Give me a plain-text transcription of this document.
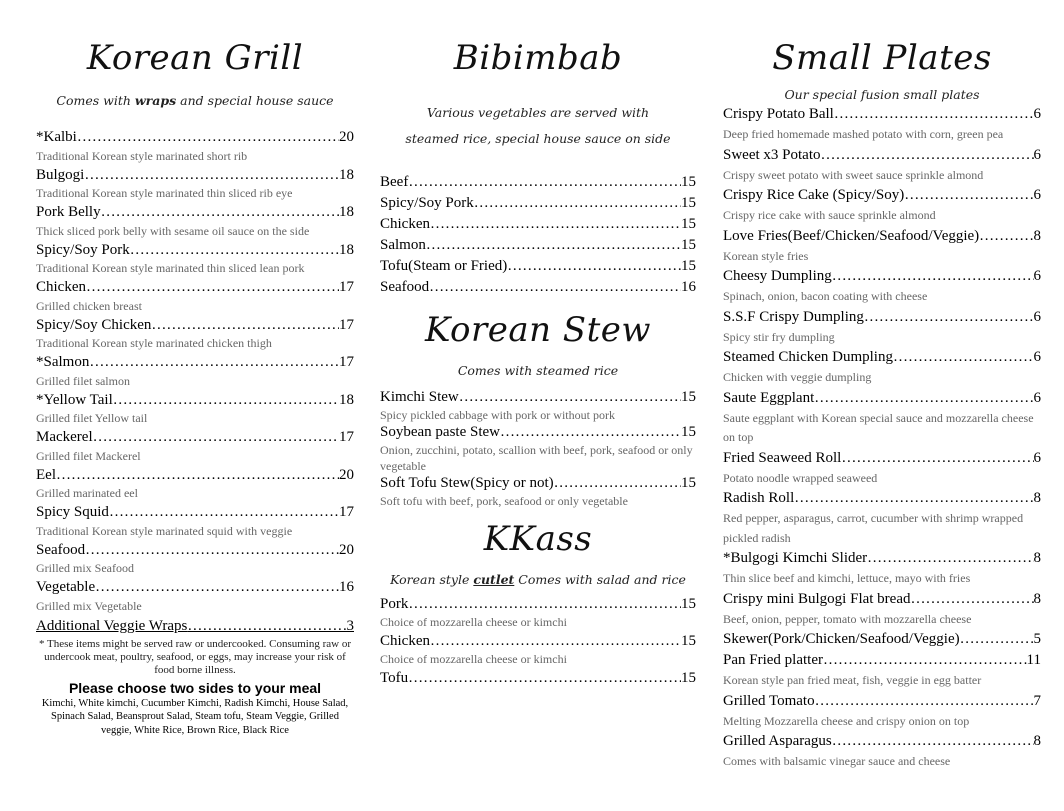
Korean Grill

Comes with wraps and special house sauce

*Kalbi …………………………………………………………………………………………………………………………………………………………	20
Traditional Korean style marinated short rib
Bulgogi …………………………………………………………………………………………………………………………………………………………	18
Traditional Korean style marinated thin sliced rib eye
Pork Belly …………………………………………………………………………………………………………………………………………………………	18
Thick sliced pork belly with sesame oil sauce on the side
Spicy/Soy Pork …………………………………………………………………………………………………………………………………………………………	18
Traditional Korean style marinated thin sliced lean pork
Chicken …………………………………………………………………………………………………………………………………………………………	17
Grilled chicken breast
Spicy/Soy Chicken …………………………………………………………………………………………………………………………………………………………	17
Traditional Korean style marinated chicken thigh
*Salmon …………………………………………………………………………………………………………………………………………………………	17
Grilled filet salmon
*Yellow Tail …………………………………………………………………………………………………………………………………………………………	18
Grilled filet Yellow tail
Mackerel …………………………………………………………………………………………………………………………………………………………	17
Grilled filet Mackerel
Eel …………………………………………………………………………………………………………………………………………………………	20
Grilled marinated eel
Spicy Squid …………………………………………………………………………………………………………………………………………………………	17
Traditional Korean style marinated squid with veggie
Seafood …………………………………………………………………………………………………………………………………………………………	20
Grilled mix Seafood
Vegetable …………………………………………………………………………………………………………………………………………………………	16
Grilled mix Vegetable
Additional Veggie Wraps …………………………………………………………………………………………………………………………………………………………	3
* These items might be served raw or undercooked. Consuming raw or undercook meat, poultry, seafood, or eggs, may increase your risk of food borne illness.
Please choose two sides to your meal
Kimchi, White kimchi, Cucumber Kimchi, Radish Kimchi, House Salad, Spinach Salad, Beansprout Salad, Steam tofu, Steam Veggie, Grilled veggie, White Rice, Brown Rice, Black Rice
Bibimbab

Various vegetables are served with
steamed rice, special house sauce on side

Beef …………………………………………………………………………………………………………………………………………………………	15
Spicy/Soy Pork …………………………………………………………………………………………………………………………………………………………	15
Chicken …………………………………………………………………………………………………………………………………………………………	15
Salmon …………………………………………………………………………………………………………………………………………………………	15
Tofu(Steam or Fried) …………………………………………………………………………………………………………………………………………………………	15
Seafood …………………………………………………………………………………………………………………………………………………………	16
Korean Stew

Comes with steamed rice

Kimchi Stew …………………………………………………………………………………………………………………………………………………………	15
Spicy pickled cabbage with pork or without pork
Soybean paste Stew …………………………………………………………………………………………………………………………………………………………	15
Onion, zucchini, potato, scallion with beef, pork, seafood or only vegetable
Soft Tofu Stew(Spicy or not) …………………………………………………………………………………………………………………………………………………………	15
Soft tofu with beef, pork, seafood or only vegetable
KKass

Korean style cutlet Comes with salad and rice

Pork …………………………………………………………………………………………………………………………………………………………	15
Choice of mozzarella cheese or kimchi
Chicken …………………………………………………………………………………………………………………………………………………………	15
Choice of mozzarella cheese or kimchi
Tofu …………………………………………………………………………………………………………………………………………………………	15
Small Plates

Our special fusion small plates

Crispy Potato Ball …………………………………………………………………………………………………………………………………………………………	6
Deep fried homemade mashed potato with corn, green pea
Sweet x3 Potato …………………………………………………………………………………………………………………………………………………………	6
Crispy sweet potato with sweet sauce sprinkle almond
Crispy Rice Cake (Spicy/Soy) …………………………………………………………………………………………………………………………………………………………	6
Crispy rice cake with sauce sprinkle almond
Love Fries(Beef/Chicken/Seafood/Veggie) …………………………………………………………………………………………………………………………………………………………	8
Korean style fries
Cheesy Dumpling …………………………………………………………………………………………………………………………………………………………	6
Spinach, onion, bacon coating with cheese
S.S.F Crispy Dumpling …………………………………………………………………………………………………………………………………………………………	6
Spicy stir fry dumpling
Steamed Chicken Dumpling …………………………………………………………………………………………………………………………………………………………	6
Chicken with veggie dumpling
Saute Eggplant …………………………………………………………………………………………………………………………………………………………	6
Saute eggplant with Korean special sauce and mozzarella cheese on top
Fried Seaweed Roll …………………………………………………………………………………………………………………………………………………………	6
Potato noodle wrapped seaweed
Radish Roll …………………………………………………………………………………………………………………………………………………………	8
Red pepper, asparagus, carrot, cucumber with shrimp wrapped pickled radish
*Bulgogi Kimchi Slider …………………………………………………………………………………………………………………………………………………………	8
Thin slice beef and kimchi, lettuce, mayo with fries
Crispy mini Bulgogi Flat bread …………………………………………………………………………………………………………………………………………………………	8
Beef, onion, pepper, tomato with mozzarella cheese
Skewer(Pork/Chicken/Seafood/Veggie) …………………………………………………………………………………………………………………………………………………………	5
Pan Fried platter …………………………………………………………………………………………………………………………………………………………	11
Korean style pan fried meat, fish, veggie in egg batter
Grilled Tomato …………………………………………………………………………………………………………………………………………………………	7
Melting Mozzarella cheese and crispy onion on top
Grilled Asparagus …………………………………………………………………………………………………………………………………………………………	8
Comes with balsamic vinegar sauce and cheese
